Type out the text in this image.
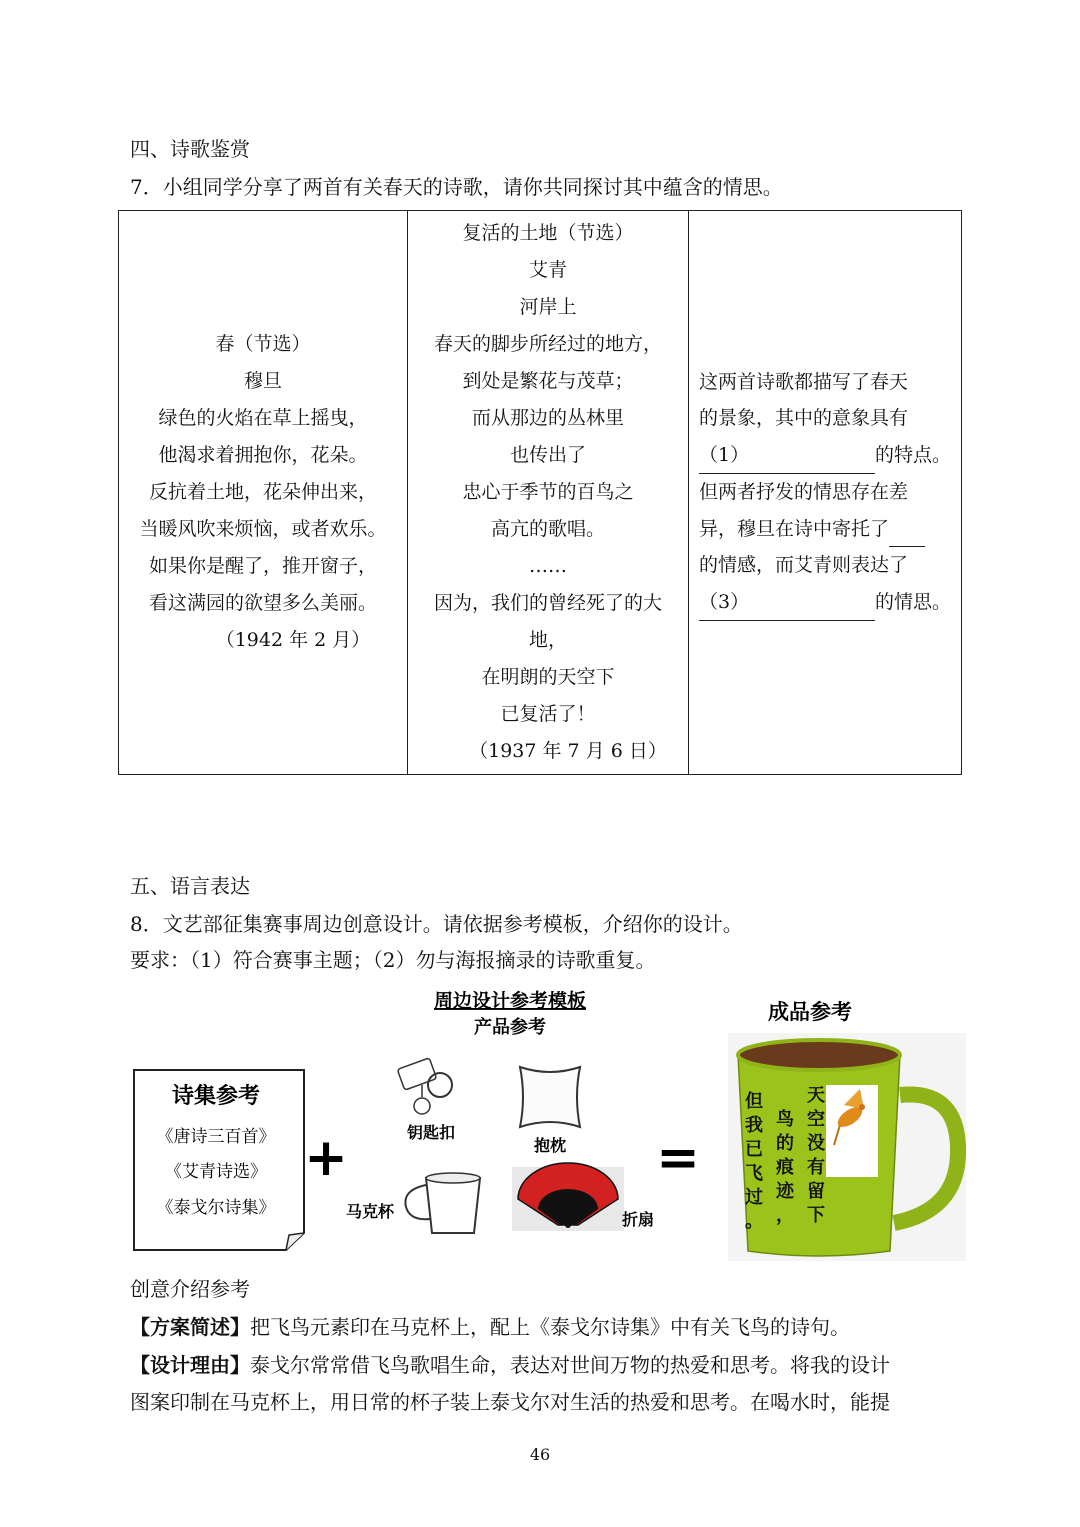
四、诗歌鉴赏
7．小组同学分享了两首有关春天的诗歌，请你共同探讨其中蕴含的情思。
春（节选）
穆旦
绿色的火焰在草上摇曳，
他渴求着拥抱你，花朵。
反抗着土地，花朵伸出来，
当暖风吹来烦恼，或者欢乐。
如果你是醒了，推开窗子，
看这满园的欲望多么美丽。
（1942 年 2 月）

复活的土地（节选）
艾青
河岸上
春天的脚步所经过的地方，
到处是繁花与茂草；
而从那边的丛林里
也传出了
忠心于季节的百鸟之
高亢的歌唱。
……
因为，我们的曾经死了的大
地，
在明朗的天空下
已复活了！
（1937 年 7 月 6 日）

这两首诗歌都描写了春天
的景象，其中的意象具有
（1）	的特点。
但两者抒发的情思存在差
异，穆旦在诗中寄托了
的情感，而艾青则表达了
（3）	的情思。
五、语言表达
8．文艺部征集赛事周边创意设计。请依据参考模板，介绍你的设计。
要求：（1）符合赛事主题；（2）勿与海报摘录的诗歌重复。
周边设计参考模板
产品参考
成品参考
诗集参考
《唐诗三百首》
《艾青诗选》
《泰戈尔诗集》
+	钥匙扣
抱枕
马克杯	折扇
=
但
我
已
飞
过
。
鸟
的
痕
迹
，
天
空
没
有
留
下
创意介绍参考
【方案简述】把飞鸟元素印在马克杯上，配上《泰戈尔诗集》中有关飞鸟的诗句。
【设计理由】泰戈尔常常借飞鸟歌唱生命，表达对世间万物的热爱和思考。将我的设计
图案印制在马克杯上，用日常的杯子装上泰戈尔对生活的热爱和思考。在喝水时，能提
46
